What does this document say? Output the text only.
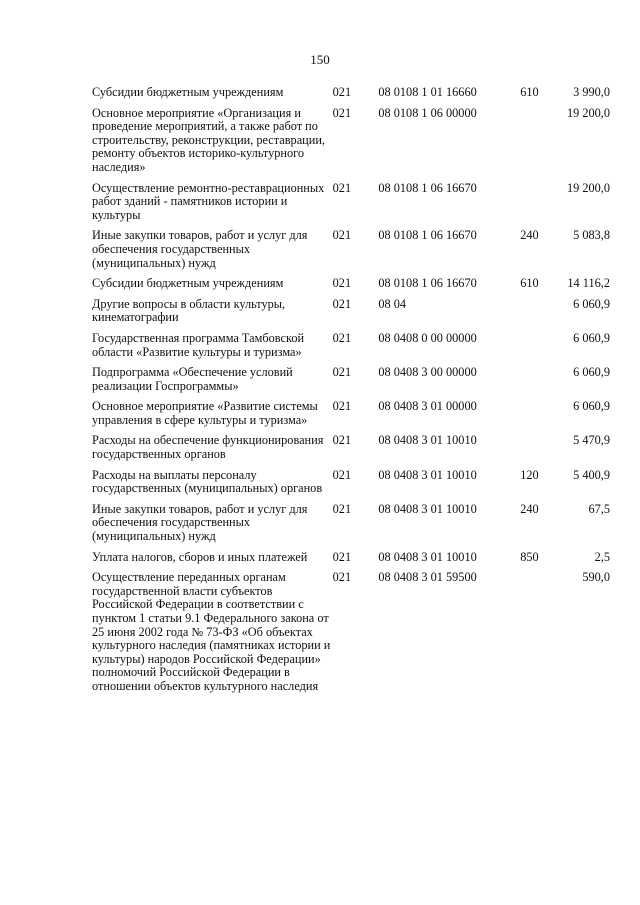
150
Субсидии бюджетным учреждениям	021	08 01	08 1 01 16660	610	3 990,0
Основное мероприятие «Организация и проведение мероприятий, а также работ по строительству, реконструкции, реставрации, ремонту объектов историко-культурного наследия»	021	08 01	08 1 06 00000		19 200,0
Осуществление ремонтно-реставрационных работ зданий - памятников истории и культуры	021	08 01	08 1 06 16670		19 200,0
Иные закупки товаров, работ и услуг для обеспечения государственных (муниципальных) нужд	021	08 01	08 1 06 16670	240	5 083,8
Субсидии бюджетным учреждениям	021	08 01	08 1 06 16670	610	14 116,2
Другие вопросы в области культуры, кинематографии	021	08 04			6 060,9
Государственная программа Тамбовской области «Развитие культуры и туризма»	021	08 04	08 0 00 00000		6 060,9
Подпрограмма «Обеспечение условий реализации Госпрограммы»	021	08 04	08 3 00 00000		6 060,9
Основное мероприятие «Развитие системы управления в сфере культуры и туризма»	021	08 04	08 3 01 00000		6 060,9
Расходы на обеспечение функционирования государственных органов	021	08 04	08 3 01 10010		5 470,9
Расходы на выплаты персоналу государственных (муниципальных) органов	021	08 04	08 3 01 10010	120	5 400,9
Иные закупки товаров, работ и услуг для обеспечения государственных (муниципальных) нужд	021	08 04	08 3 01 10010	240	67,5
Уплата налогов, сборов и иных платежей	021	08 04	08 3 01 10010	850	2,5
Осуществление переданных органам государственной власти субъектов Российской Федерации в соответствии с пунктом 1 статьи 9.1 Федерального закона от 25 июня 2002 года № 73-ФЗ «Об объектах культурного наследия (памятниках истории и культуры) народов Российской Федерации» полномочий Российской Федерации в отношении объектов культурного наследия	021	08 04	08 3 01 59500		590,0
